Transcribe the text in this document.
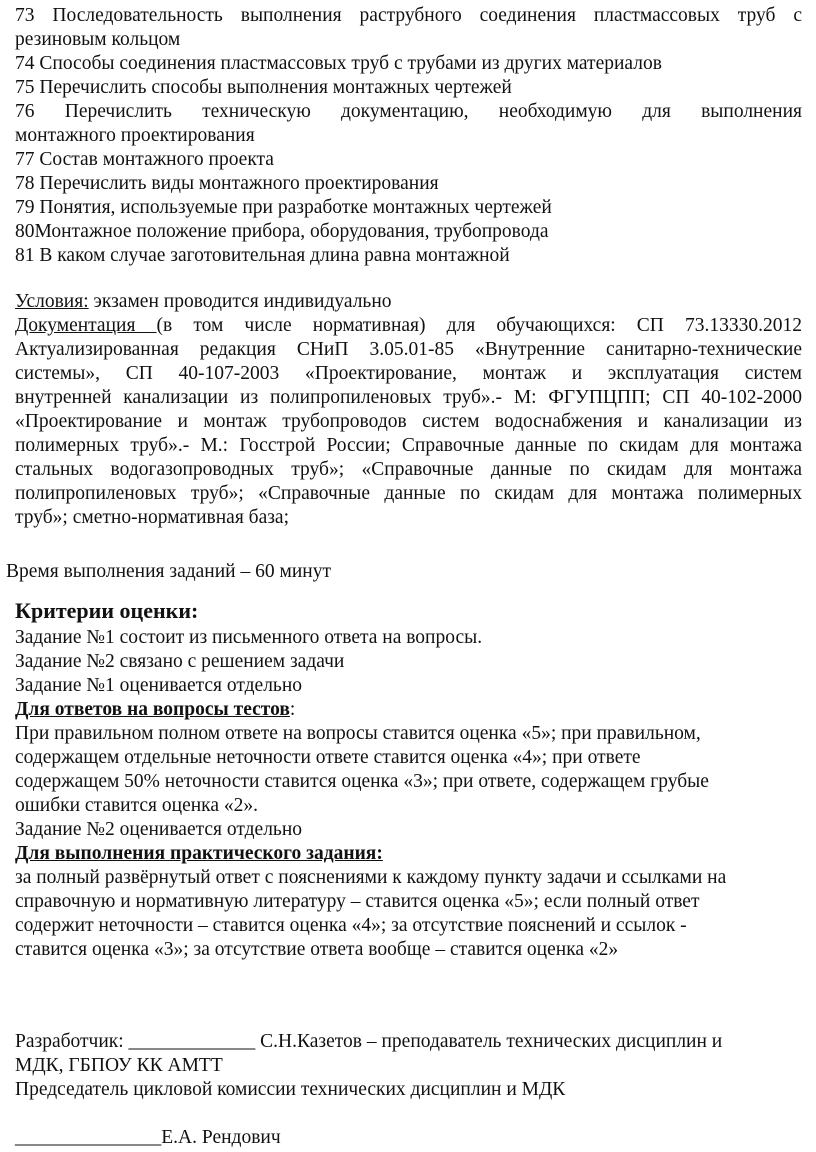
73 Последовательность выполнения раструбного соединения пластмассовых труб с
резиновым кольцом
74 Способы соединения пластмассовых труб с трубами из других материалов
75 Перечислить способы выполнения монтажных чертежей
76 Перечислить техническую документацию, необходимую для выполнения
монтажного проектирования
77 Состав монтажного проекта
78 Перечислить виды монтажного проектирования
79 Понятия, используемые при разработке монтажных чертежей
80Монтажное положение прибора, оборудования, трубопровода
81 В каком случае заготовительная длина равна монтажной
Условия: экзамен проводится индивидуально
Документация (в том числе нормативная) для обучающихся: СП 73.13330.2012
Актуализированная редакция СНиП 3.05.01-85 «Внутренние санитарно-технические
системы», СП 40-107-2003 «Проектирование, монтаж и эксплуатация систем
внутренней канализации из полипропиленовых труб».- М: ФГУПЦПП; СП 40-102-2000
«Проектирование и монтаж трубопроводов систем водоснабжения и канализации из
полимерных труб».- М.: Госстрой России; Справочные данные по скидам для монтажа
стальных водогазопроводных труб»; «Справочные данные по скидам для монтажа
полипропиленовых труб»; «Справочные данные по скидам для монтажа полимерных
труб»; сметно-нормативная база;
Время выполнения заданий – 60 минут
Критерии оценки:
Задание №1 состоит из письменного ответа на вопросы.
Задание №2 связано с решением задачи
Задание №1 оценивается отдельно
Для ответов на вопросы тестов:
При правильном полном ответе на вопросы ставится оценка «5»; при правильном,
содержащем отдельные неточности ответе ставится оценка «4»; при ответе
содержащем 50% неточности ставится оценка «3»; при ответе, содержащем грубые
ошибки ставится оценка «2».
Задание №2 оценивается отдельно
Для выполнения практического задания:
за полный развёрнутый ответ с пояснениями к каждому пункту задачи и ссылками на
справочную и нормативную литературу – ставится оценка «5»; если полный ответ
содержит неточности – ставится оценка «4»; за отсутствие пояснений и ссылок -
ставится оценка «3»; за отсутствие ответа вообще – ставится оценка «2»
Разработчик: _____________ С.Н.Казетов – преподаватель технических дисциплин и
МДК, ГБПОУ КК АМТТ
Председатель цикловой комиссии технических дисциплин и МДК
_______________Е.А. Рендович
